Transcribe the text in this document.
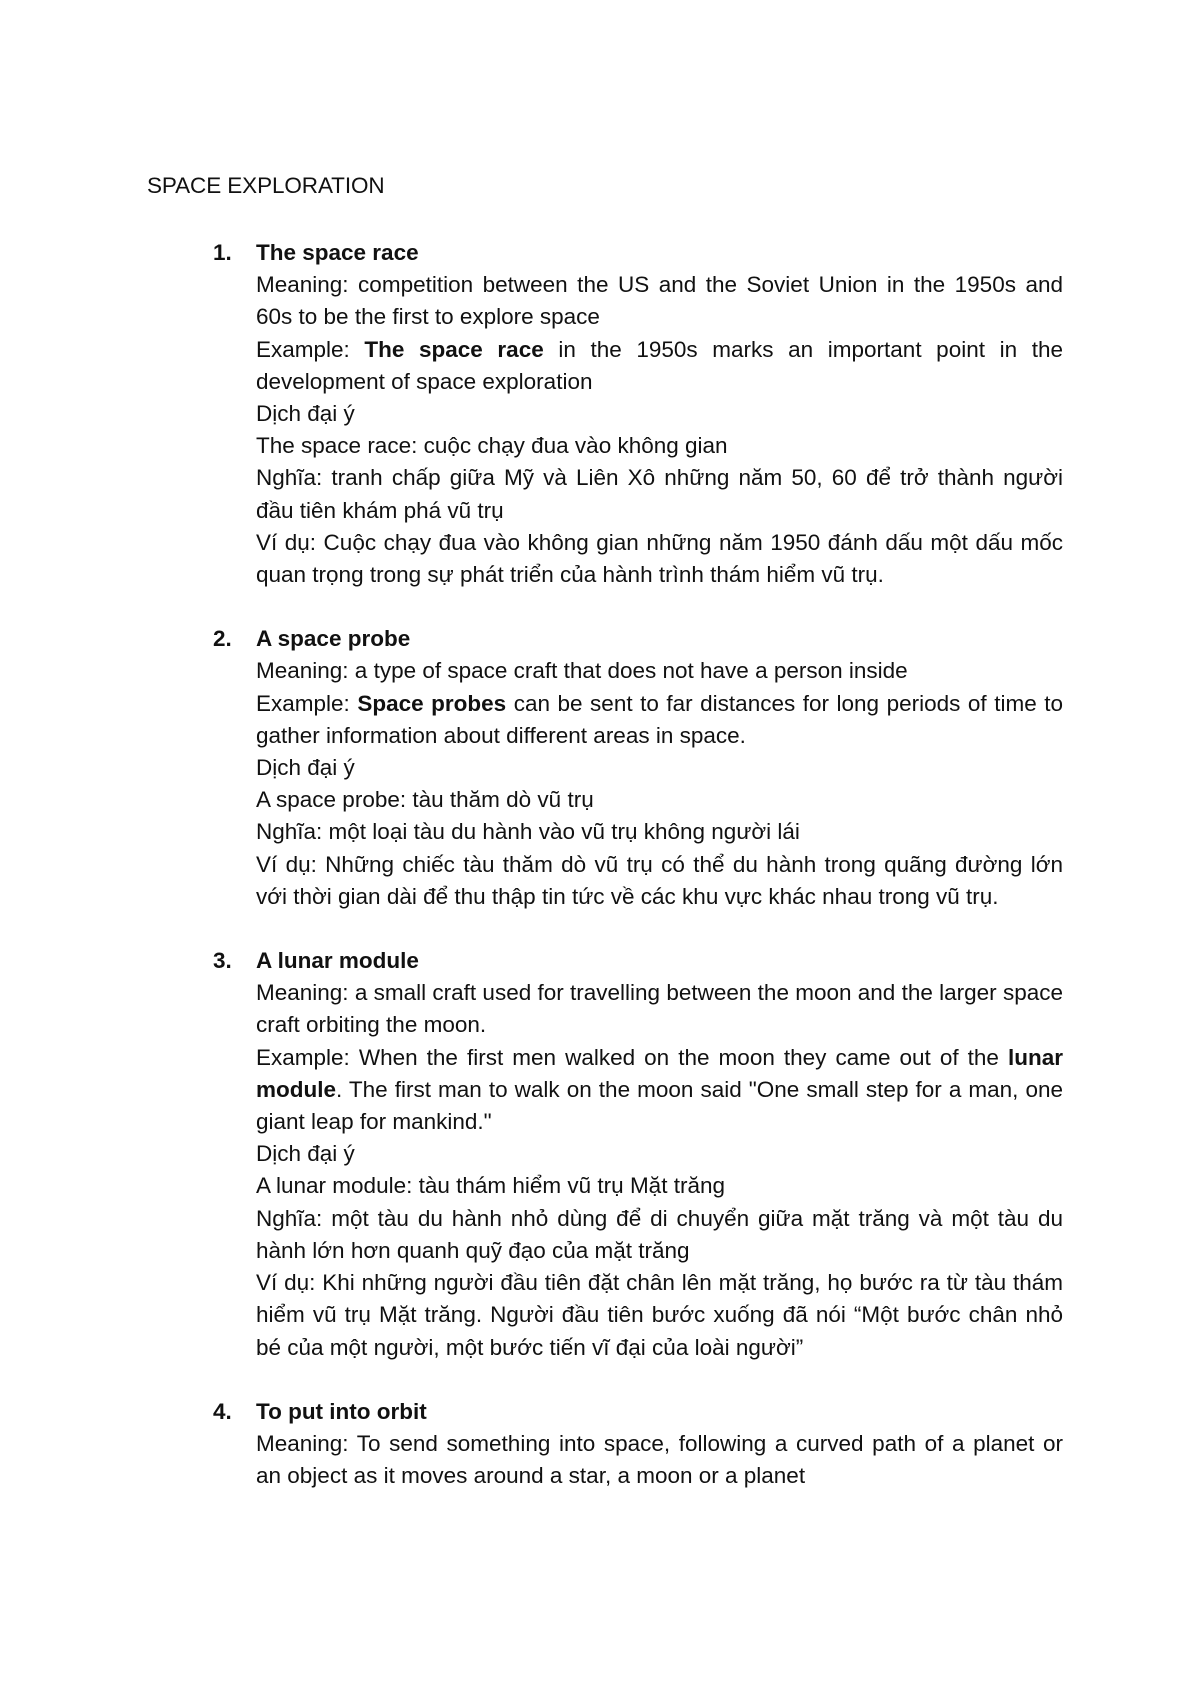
SPACE EXPLORATION
1. The space race
Meaning: competition between the US and the Soviet Union in the 1950s and 60s to be the first to explore space
Example: The space race in the 1950s marks an important point in the development of space exploration
Dịch đại ý
The space race: cuộc chạy đua vào không gian
Nghĩa: tranh chấp giữa Mỹ và Liên Xô những năm 50, 60 để trở thành người đầu tiên khám phá vũ trụ
Ví dụ: Cuộc chạy đua vào không gian những năm 1950 đánh dấu một dấu mốc quan trọng trong sự phát triển của hành trình thám hiểm vũ trụ.
2. A space probe
Meaning: a type of space craft that does not have a person inside
Example: Space probes can be sent to far distances for long periods of time to gather information about different areas in space.
Dịch đại ý
A space probe: tàu thăm dò vũ trụ
Nghĩa: một loại tàu du hành vào vũ trụ không người lái
Ví dụ: Những chiếc tàu thăm dò vũ trụ có thể du hành trong quãng đường lớn với thời gian dài để thu thập tin tức về các khu vực khác nhau trong vũ trụ.
3. A lunar module
Meaning: a small craft used for travelling between the moon and the larger space craft orbiting the moon.
Example: When the first men walked on the moon they came out of the lunar module. The first man to walk on the moon said "One small step for a man, one giant leap for mankind."
Dịch đại ý
A lunar module: tàu thám hiểm vũ trụ Mặt trăng
Nghĩa: một tàu du hành nhỏ dùng để di chuyển giữa mặt trăng và một tàu du hành lớn hơn quanh quỹ đạo của mặt trăng
Ví dụ: Khi những người đầu tiên đặt chân lên mặt trăng, họ bước ra từ tàu thám hiểm vũ trụ Mặt trăng. Người đầu tiên bước xuống đã nói “Một bước chân nhỏ bé của một người, một bước tiến vĩ đại của loài người”
4. To put into orbit
Meaning: To send something into space, following a curved path of a planet or an object as it moves around a star, a moon or a planet
